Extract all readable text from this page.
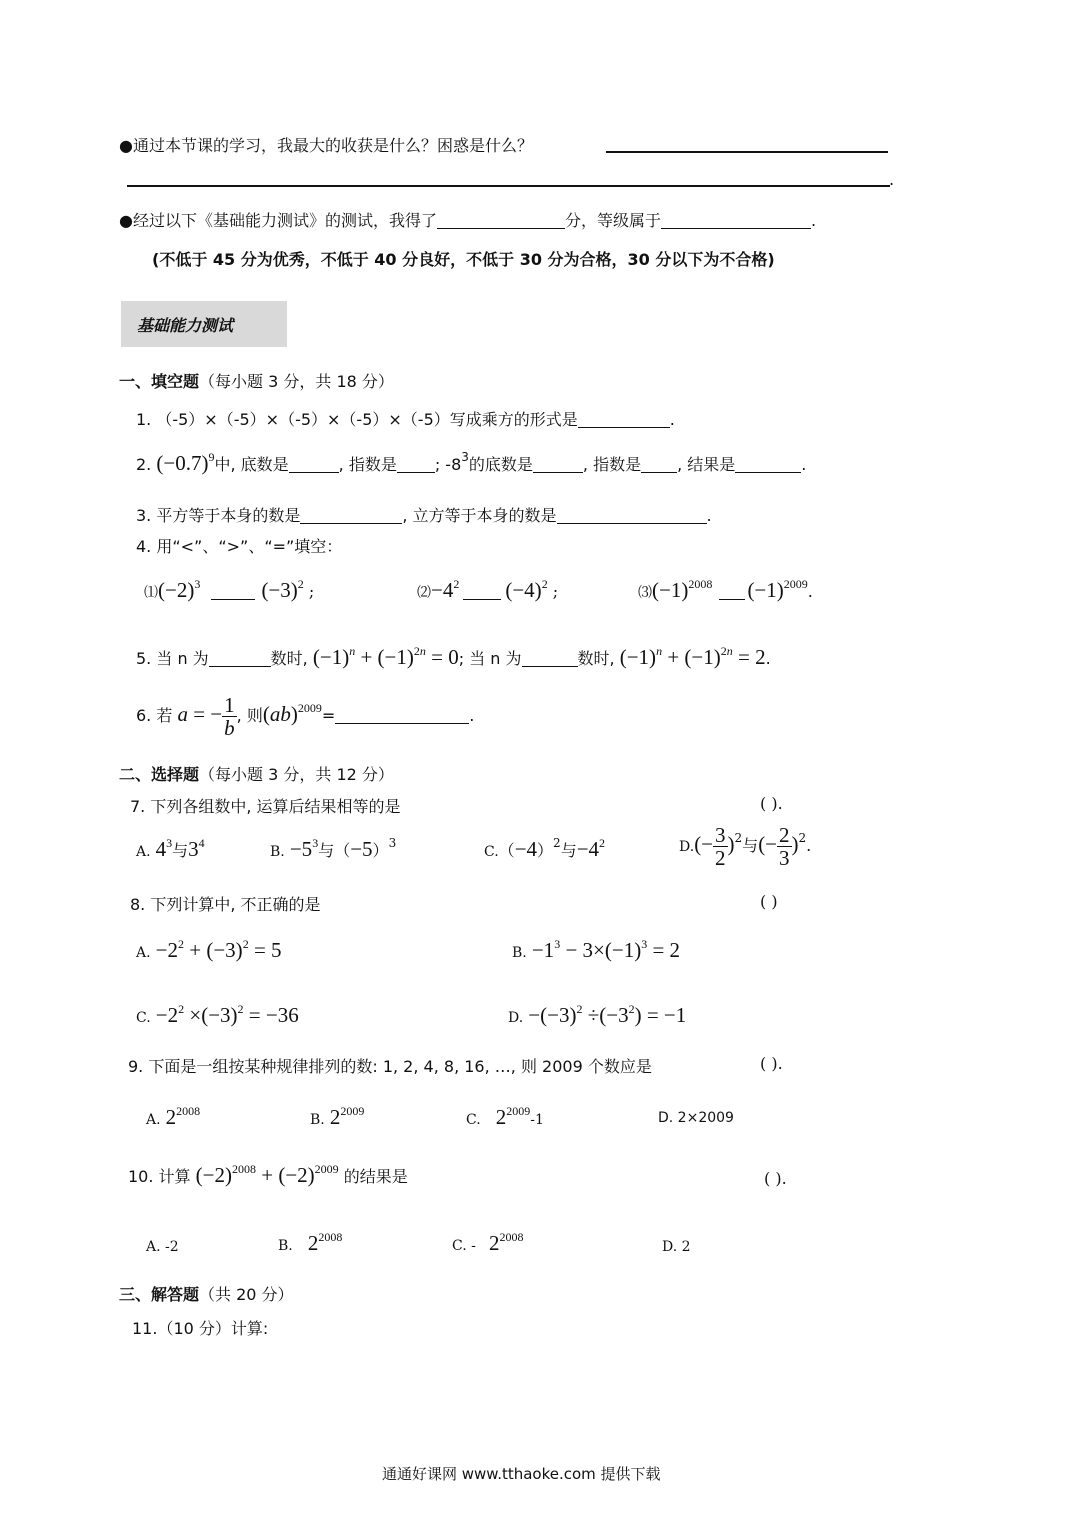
●通过本节课的学习，我最大的收获是什么？困惑是什么？
.
●经过以下《基础能力测试》的测试，我得了	分，等级属于	.
(不低于 45 分为优秀，不低于 40 分良好，不低于 30 分为合格，30 分以下为不合格)
基础能力测试
一、填空题（每小题 3 分，共 18 分）
1. （-5）×（-5）×（-5）×（-5）×（-5）写成乘方的形式是	.
2. $(-0.7)^9$中, 底数是	, 指数是 ; $-8^3$的底数是	, 指数是 , 结果是	.
3. 平方等于本身的数是	, 立方等于本身的数是	.
4. 用“<”、“>”、“=”填空：
$⑴(-2)^3$	$(-3)^2$ ;	$⑵-4^2$ $(-4)^2$ ;	$⑶(-1)^{2008}$ $(-1)^{2009}$.
5. 当 n 为	数时, $(-1)^n + (-1)^{2n} = 0$; 当 n 为	数时, $(-1)^n + (-1)^{2n} = 2$.
6. 若 a = − $\frac{1}{b}$ , 则(ab)$^{2009}$=	.
二、选择题（每小题 3 分，共 12 分）
7. 下列各组数中, 运算后结果相等的是	( ).
A. $4^3$与$3^4$
B. $-5^3$与$(-5)^3$
$C.(-4)^2$与$-4^2$	$D.(- \frac{3}{2} )^2$与(− $\frac{2}{3} )^2$.
8. 下列计算中, 不正确的是	( )
A. $-2^2 + (-3)^2 = 5$	B. $-1^3 - 3\times(-1)^3 = 2$
C. $-2^2 \times(-3)^2 = -36$	D. $-(-3)^2 \div(-3^2) = -1$
9. 下面是一组按某种规律排列的数: 1, 2, 4, 8, 16, …, 则 2009 个数应是	( ).
A. $2^{2008}$
B. $2^{2009}$
C. $2^{2009}-1$	D. 2×2009
10. 计算 $(-2)^{2008} + (-2)^{2009}$ 的结果是	( ).
A. -2	B. $2^{2008}$
C. - $2^{2008}$
D. 2
三、解答题（共 20 分）
11.（10 分）计算:
通通好课网 www.tthaoke.com 提供下载
